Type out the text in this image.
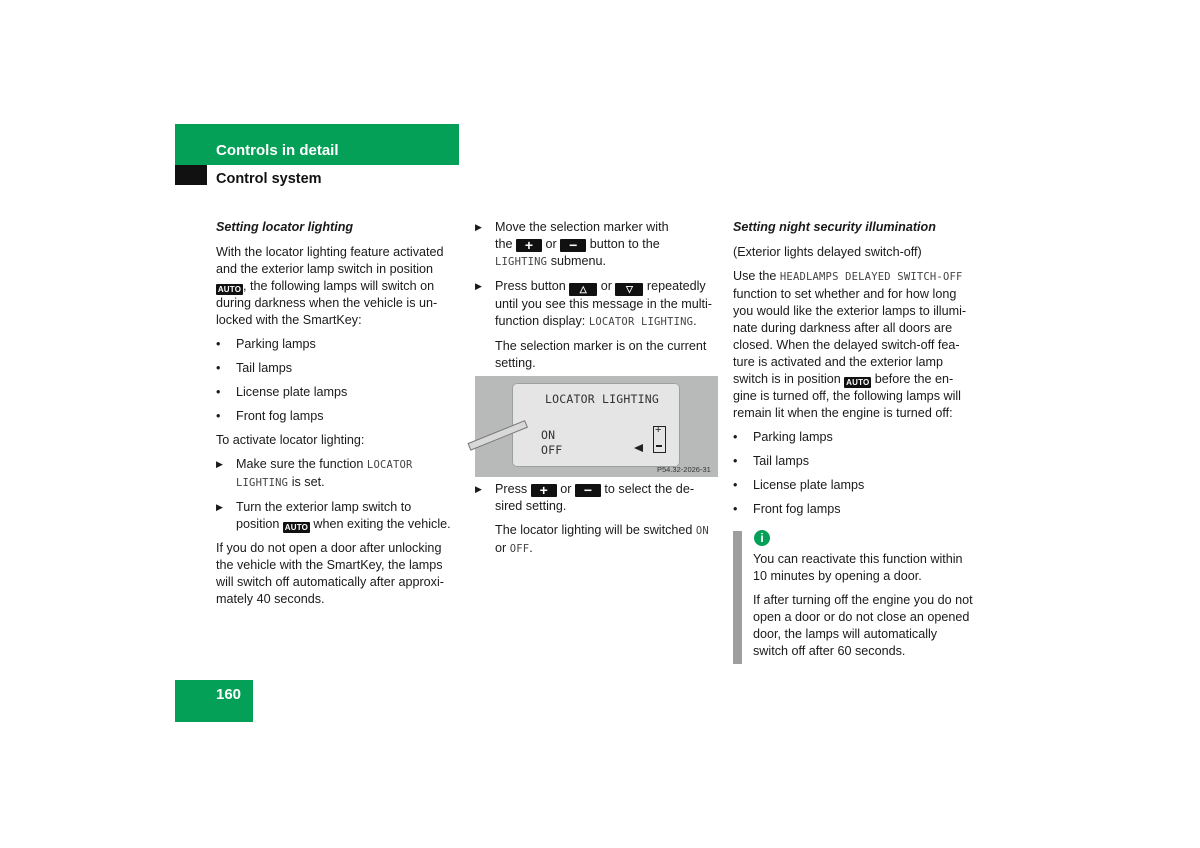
Controls in detail
Control system

Setting locator lighting

With the locator lighting feature activated
and the exterior lamp switch in position
AUTO , the following lamps will switch on
during darkness when the vehicle is un-
locked with the SmartKey:

• Parking lamps

• Tail lamps

• License plate lamps

• Front fog lamps

To activate locator lighting:

▶ Make sure the function LOCATOR
LIGHTING is set.

▶ Turn the exterior lamp switch to
position AUTO when exiting the vehicle.

If you do not open a door after unlocking
the vehicle with the SmartKey, the lamps
will switch off automatically after approxi-
mately 40 seconds.

▶ Move the selection marker with
the + or − button to the
LIGHTING submenu.

▶ Press button △ or ▽ repeatedly
until you see this message in the multi-
function display: LOCATOR LIGHTING.

The selection marker is on the current
setting.

LOCATOR LIGHTING
ON
OFF
+
P54.32-2026-31

▶ Press + or − to select the de-
sired setting.

The locator lighting will be switched ON
or OFF.

Setting night security illumination

(Exterior lights delayed switch-off)

Use the HEADLAMPS DELAYED SWITCH-OFF
function to set whether and for how long
you would like the exterior lamps to illumi-
nate during darkness after all doors are
closed. When the delayed switch-off fea-
ture is activated and the exterior lamp
switch is in position AUTO before the en-
gine is turned off, the following lamps will
remain lit when the engine is turned off:

• Parking lamps

• Tail lamps

• License plate lamps

• Front fog lamps

i

You can reactivate this function within
10 minutes by opening a door.

If after turning off the engine you do not
open a door or do not close an opened
door, the lamps will automatically
switch off after 60 seconds.

160
